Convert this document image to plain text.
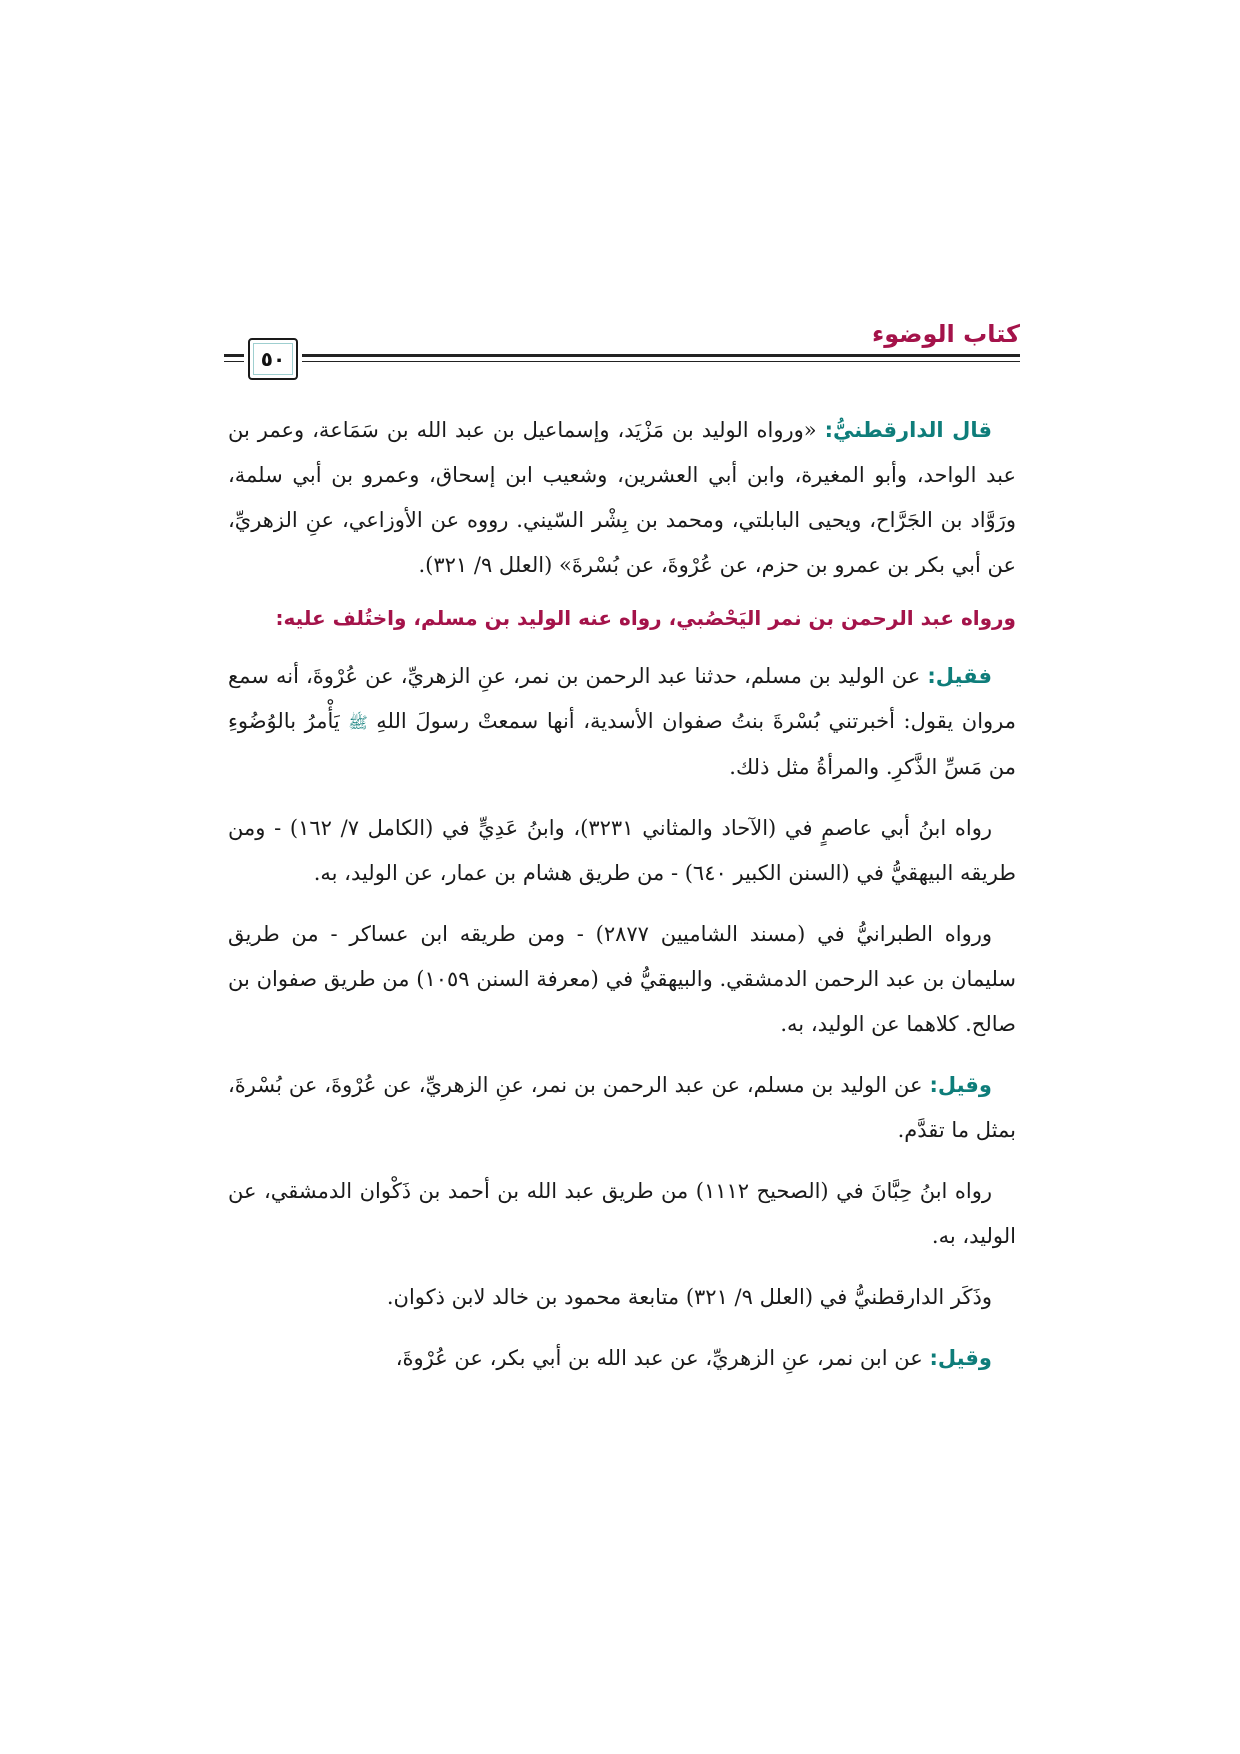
كتاب الوضوء
٥٠

قال الدارقطنيُّ: «ورواه الوليد بن مَزْيَد، وإسماعيل بن عبد الله بن سَمَاعة، وعمر بن عبد الواحد، وأبو المغيرة، وابن أبي العشرين، وشعيب ابن إسحاق، وعمرو بن أبي سلمة، ورَوَّاد بن الجَرَّاح، ويحيى البابلتي، ومحمد بن بِشْر السّيني. رووه عن الأوزاعي، عنِ الزهريِّ، عن أبي بكر بن عمرو بن حزم، عن عُرْوةَ، عن بُسْرةَ» (العلل ٩/ ٣٢١).

ورواه عبد الرحمن بن نمر اليَحْصُبي، رواه عنه الوليد بن مسلم، واختُلف عليه:

فقيل: عن الوليد بن مسلم، حدثنا عبد الرحمن بن نمر، عنِ الزهريِّ، عن عُرْوةَ، أنه سمع مروان يقول: أخبرتني بُسْرةَ بنتُ صفوان الأسدية، أنها سمعتْ رسولَ اللهِ ﷺ يَأْمرُ بالوُضُوءِ من مَسِّ الذَّكرِ. والمرأةُ مثل ذلك.

رواه ابنُ أبي عاصمٍ في (الآحاد والمثاني ٣٢٣١)، وابنُ عَدِيٍّ في (الكامل ٧/ ١٦٢) - ومن طريقه البيهقيُّ في (السنن الكبير ٦٤٠) - من طريق هشام بن عمار، عن الوليد، به.

ورواه الطبرانيُّ في (مسند الشاميين ٢٨٧٧) - ومن طريقه ابن عساكر - من طريق سليمان بن عبد الرحمن الدمشقي. والبيهقيُّ في (معرفة السنن ١٠٥٩) من طريق صفوان بن صالح. كلاهما عن الوليد، به.

وقيل: عن الوليد بن مسلم، عن عبد الرحمن بن نمر، عنِ الزهريِّ، عن عُرْوةَ، عن بُسْرةَ، بمثل ما تقدَّم.

رواه ابنُ حِبَّانَ في (الصحيح ١١١٢) من طريق عبد الله بن أحمد بن ذَكْوان الدمشقي، عن الوليد، به.

وذَكَر الدارقطنيُّ في (العلل ٩/ ٣٢١) متابعة محمود بن خالد لابن ذكوان.

وقيل: عن ابن نمر، عنِ الزهريِّ، عن عبد الله بن أبي بكر، عن عُرْوةَ،
